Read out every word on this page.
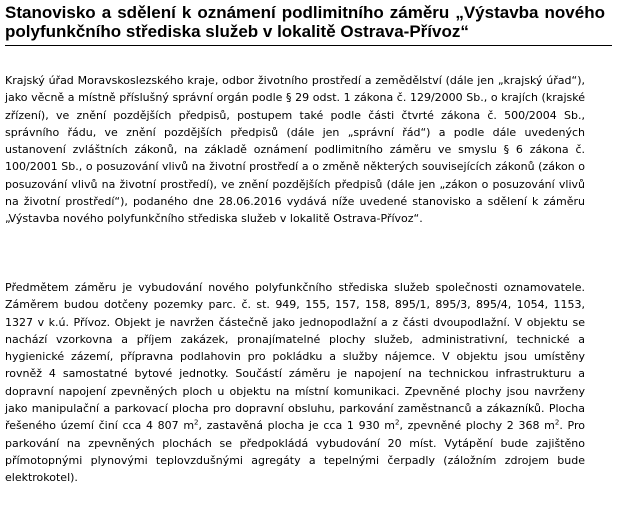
Stanovisko a sdělení k oznámení podlimitního záměru „Výstavba nového polyfunkčního střediska služeb v lokalitě Ostrava-Přívoz“

Krajský úřad Moravskoslezského kraje, odbor životního prostředí a zemědělství (dále jen „krajský úřad“), jako věcně a místně příslušný správní orgán podle § 29 odst. 1 zákona č. 129/2000 Sb., o krajích (krajské zřízení), ve znění pozdějších předpisů, postupem také podle části čtvrté zákona č. 500/2004 Sb., správního řádu, ve znění pozdějších předpisů (dále jen „správní řád“) a podle dále uvedených ustanovení zvláštních zákonů, na základě oznámení podlimitního záměru ve smyslu § 6 zákona č. 100/2001 Sb., o posuzování vlivů na životní prostředí a o změně některých souvisejících zákonů (zákon o posuzování vlivů na životní prostředí), ve znění pozdějších předpisů (dále jen „zákon o posuzování vlivů na životní prostředí“), podaného dne 28.06.2016 vydává níže uvedené stanovisko a sdělení k záměru „Výstavba nového polyfunkčního střediska služeb v lokalitě Ostrava-Přívoz“.

Předmětem záměru je vybudování nového polyfunkčního střediska služeb společnosti oznamovatele. Záměrem budou dotčeny pozemky parc. č. st. 949, 155, 157, 158, 895/1, 895/3, 895/4, 1054, 1153, 1327 v k.ú. Přívoz. Objekt je navržen částečně jako jednopodlažní a z části dvoupodlažní. V objektu se nachází vzorkovna a příjem zakázek, pronajímatelné plochy služeb, administrativní, technické a hygienické zázemí, přípravna podlahovin pro pokládku a služby nájemce. V objektu jsou umístěny rovněž 4 samostatné bytové jednotky. Součástí záměru je napojení na technickou infrastrukturu a dopravní napojení zpevněných ploch u objektu na místní komunikaci. Zpevněné plochy jsou navrženy jako manipulační a parkovací plocha pro dopravní obsluhu, parkování zaměstnanců a zákazníků. Plocha řešeného území činí cca 4 807 $m^2$, zastavěná plocha je cca 1 930 $m^2$, zpevněné plochy 2 368 $m^2$. Pro parkování na zpevněných plochách se předpokládá vybudování 20 míst. Vytápění bude zajištěno přímotopnými plynovými teplovzdušnými agregáty a tepelnými čerpadly (záložním zdrojem bude elektrokotel).
